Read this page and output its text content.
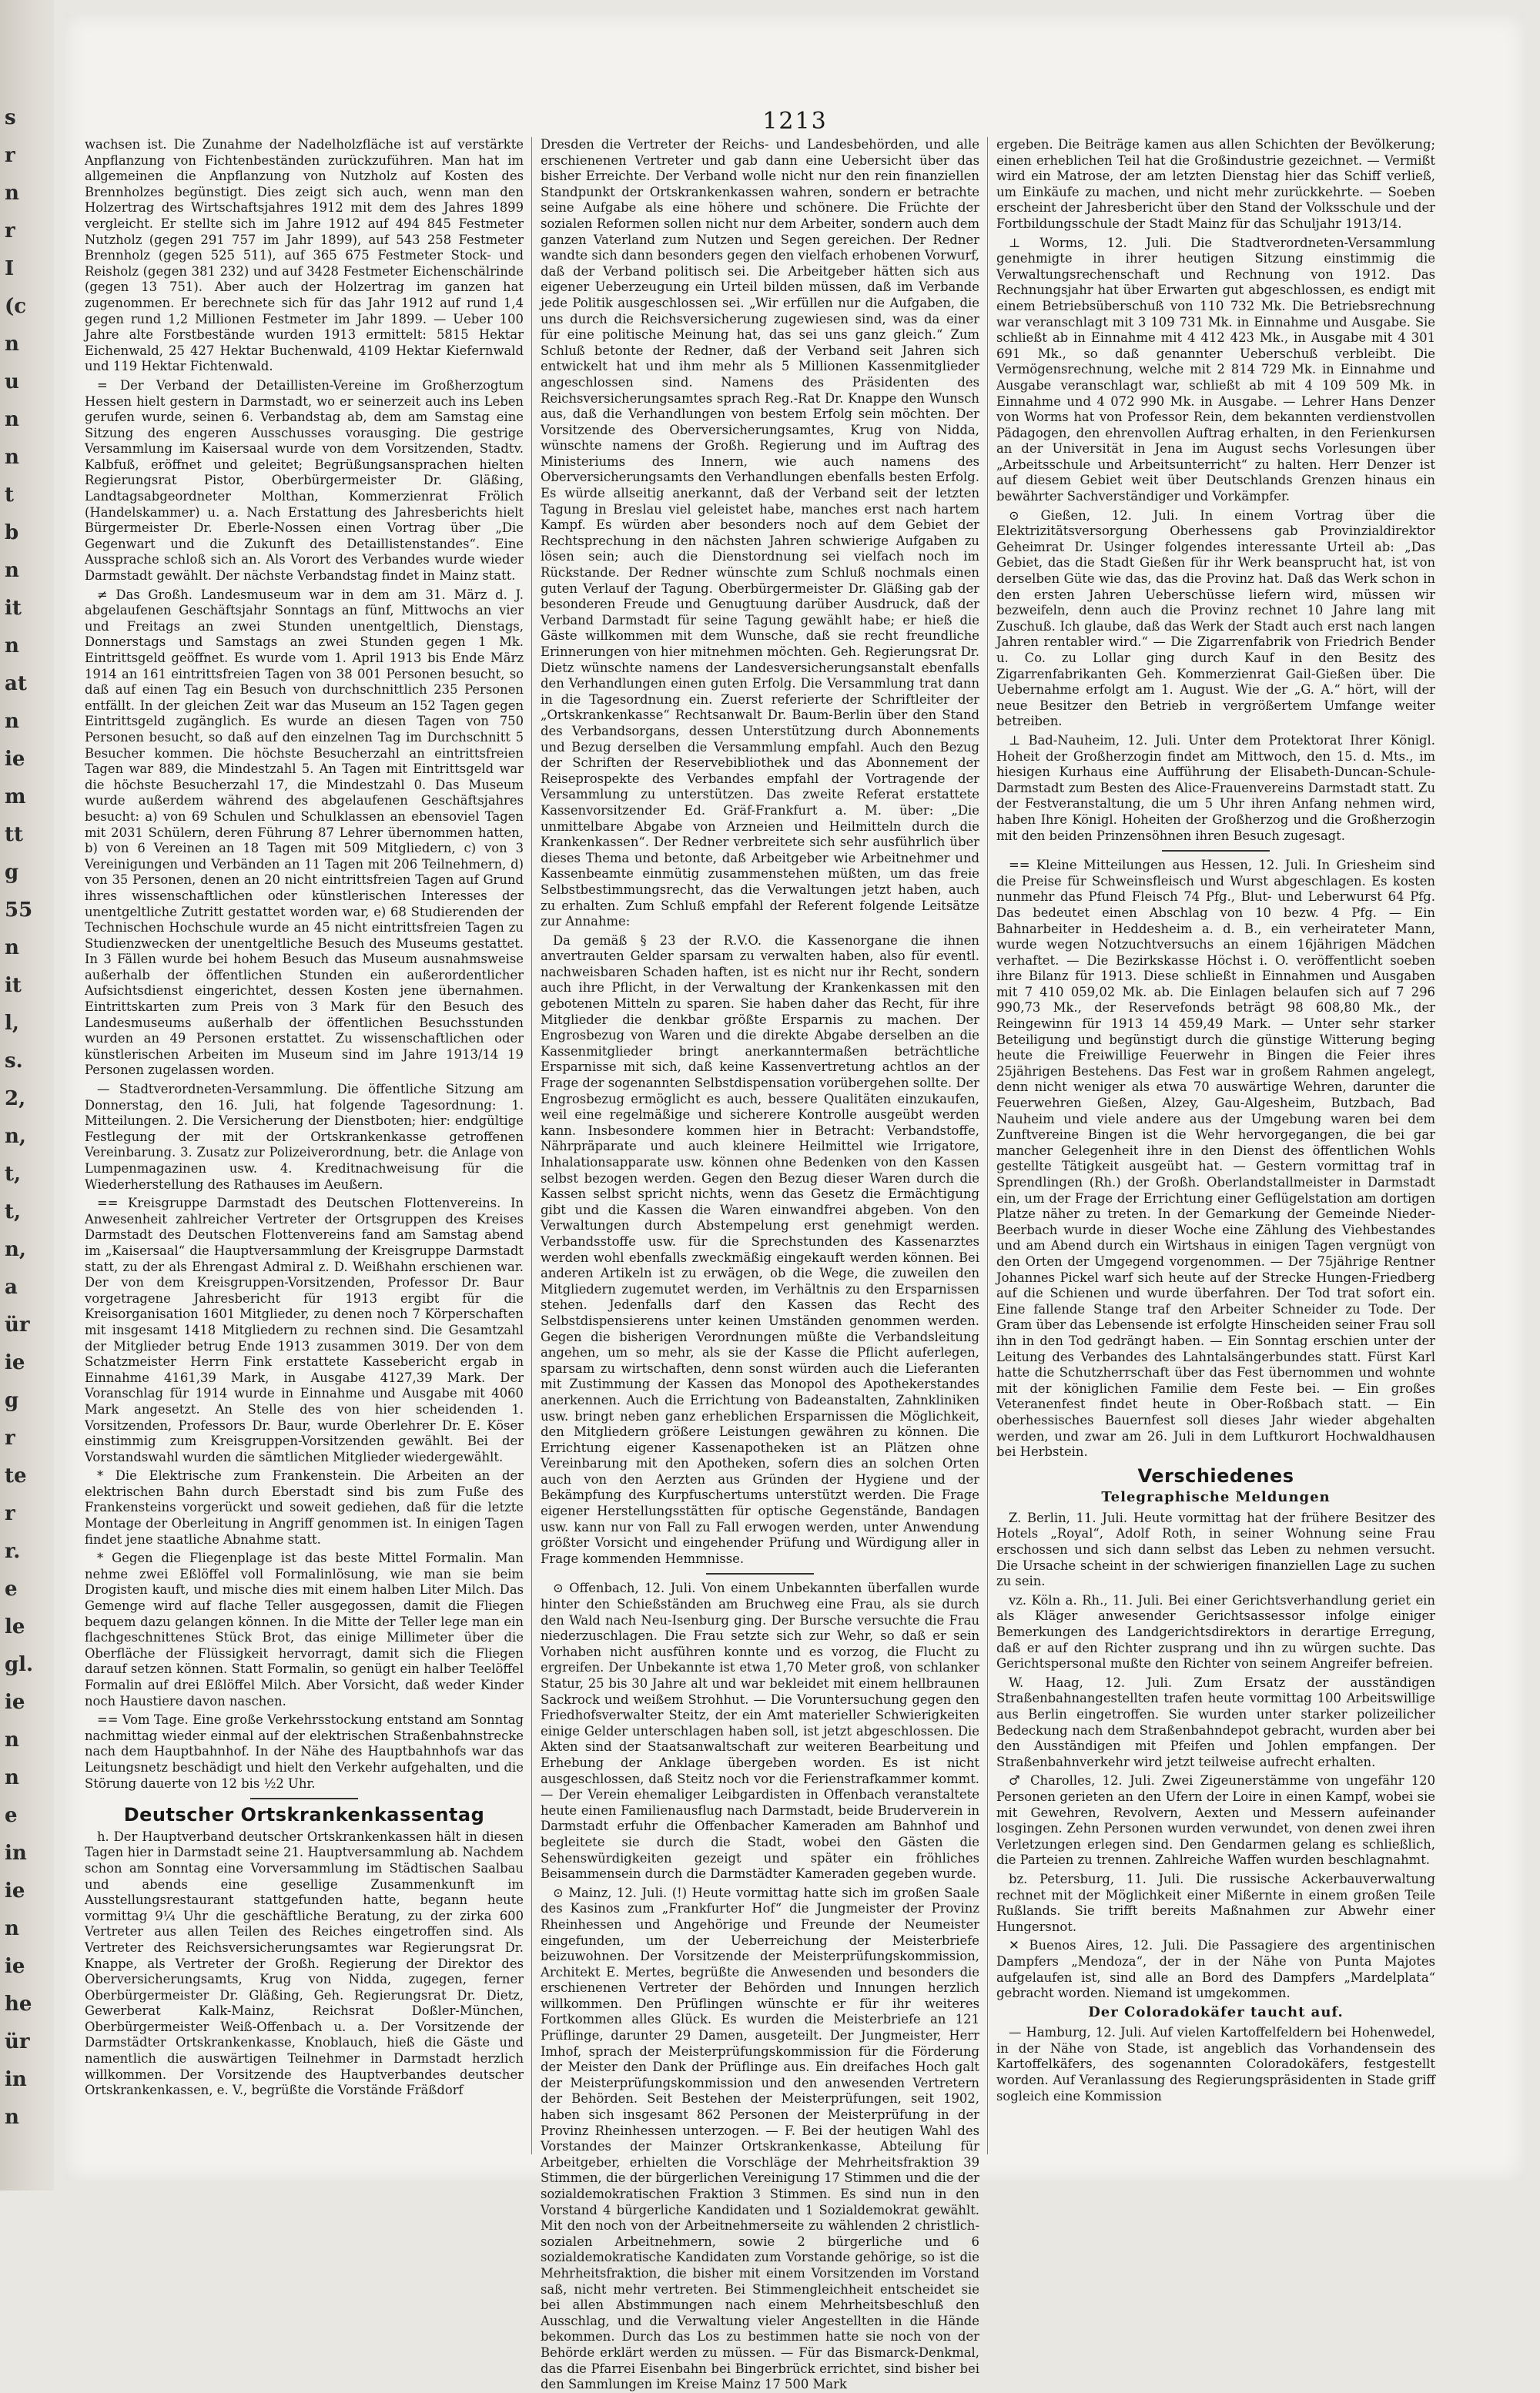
s
r
n
r
I
(c
n
u
n
n
t
b
n
it
n
at
n
ie
m
tt
g
55
n
it
l,
s.
2,
n,
t,
t,
n,
a
ür
ie
g
r
te
r
r.
e
le
gl.
ie
n
n
e
in
ie
n
ie
he
ür
in
n
1213

wachsen ist. Die Zunahme der Nadelholzfläche ist auf verstärkte Anpflanzung von Fichtenbeständen zurückzuführen. Man hat im allgemeinen die Anpflanzung von Nutzholz auf Kosten des Brennholzes begünstigt. Dies zeigt sich auch, wenn man den Holzertrag des Wirtschaftsjahres 1912 mit dem des Jahres 1899 vergleicht. Er stellte sich im Jahre 1912 auf 494 845 Festmeter Nutzholz (gegen 291 757 im Jahr 1899), auf 543 258 Festmeter Brennholz (gegen 525 511), auf 365 675 Festmeter Stock- und Reisholz (gegen 381 232) und auf 3428 Festmeter Eichenschälrinde (gegen 13 751). Aber auch der Holzertrag im ganzen hat zugenommen. Er berechnete sich für das Jahr 1912 auf rund 1,4 gegen rund 1,2 Millionen Festmeter im Jahr 1899. — Ueber 100 Jahre alte Forstbestände wurden 1913 ermittelt: 5815 Hektar Eichenwald, 25 427 Hektar Buchenwald, 4109 Hektar Kiefernwald und 119 Hektar Fichtenwald.

= Der Verband der Detaillisten-Vereine im Großherzogtum Hessen hielt gestern in Darmstadt, wo er seinerzeit auch ins Leben gerufen wurde, seinen 6. Verbandstag ab, dem am Samstag eine Sitzung des engeren Ausschusses vorausging. Die gestrige Versammlung im Kaisersaal wurde von dem Vorsitzenden, Stadtv. Kalbfuß, eröffnet und geleitet; Begrüßungsansprachen hielten Regierungsrat Pistor, Oberbürgermeister Dr. Gläßing, Landtagsabgeordneter Molthan, Kommerzienrat Frölich (Handelskammer) u. a. Nach Erstattung des Jahresberichts hielt Bürgermeister Dr. Eberle-Nossen einen Vortrag über „Die Gegenwart und die Zukunft des Detaillistenstandes“. Eine Aussprache schloß sich an. Als Vorort des Verbandes wurde wieder Darmstadt gewählt. Der nächste Verbandstag findet in Mainz statt.

≠ Das Großh. Landesmuseum war in dem am 31. März d. J. abgelaufenen Geschäftsjahr Sonntags an fünf, Mittwochs an vier und Freitags an zwei Stunden unentgeltlich, Dienstags, Donnerstags und Samstags an zwei Stunden gegen 1 Mk. Eintrittsgeld geöffnet. Es wurde vom 1. April 1913 bis Ende März 1914 an 161 eintrittsfreien Tagen von 38 001 Personen besucht, so daß auf einen Tag ein Besuch von durchschnittlich 235 Personen entfällt. In der gleichen Zeit war das Museum an 152 Tagen gegen Eintrittsgeld zugänglich. Es wurde an diesen Tagen von 750 Personen besucht, so daß auf den einzelnen Tag im Durchschnitt 5 Besucher kommen. Die höchste Besucherzahl an eintrittsfreien Tagen war 889, die Mindestzahl 5. An Tagen mit Eintrittsgeld war die höchste Besucherzahl 17, die Mindestzahl 0. Das Museum wurde außerdem während des abgelaufenen Geschäftsjahres besucht: a) von 69 Schulen und Schulklassen an ebensoviel Tagen mit 2031 Schülern, deren Führung 87 Lehrer übernommen hatten, b) von 6 Vereinen an 18 Tagen mit 509 Mitgliedern, c) von 3 Vereinigungen und Verbänden an 11 Tagen mit 206 Teilnehmern, d) von 35 Personen, denen an 20 nicht eintrittsfreien Tagen auf Grund ihres wissenschaftlichen oder künstlerischen Interesses der unentgeltliche Zutritt gestattet worden war, e) 68 Studierenden der Technischen Hochschule wurde an 45 nicht eintrittsfreien Tagen zu Studienzwecken der unentgeltliche Besuch des Museums gestattet. In 3 Fällen wurde bei hohem Besuch das Museum ausnahmsweise außerhalb der öffentlichen Stunden ein außerordentlicher Aufsichtsdienst eingerichtet, dessen Kosten jene übernahmen. Eintrittskarten zum Preis von 3 Mark für den Besuch des Landesmuseums außerhalb der öffentlichen Besuchsstunden wurden an 49 Personen erstattet. Zu wissenschaftlichen oder künstlerischen Arbeiten im Museum sind im Jahre 1913/14 19 Personen zugelassen worden.

— Stadtverordneten-Versammlung. Die öffentliche Sitzung am Donnerstag, den 16. Juli, hat folgende Tagesordnung: 1. Mitteilungen. 2. Die Versicherung der Dienstboten; hier: endgültige Festlegung der mit der Ortskrankenkasse getroffenen Vereinbarung. 3. Zusatz zur Polizeiverordnung, betr. die Anlage von Lumpenmagazinen usw. 4. Kreditnachweisung für die Wiederherstellung des Rathauses im Aeußern.

== Kreisgruppe Darmstadt des Deutschen Flottenvereins. In Anwesenheit zahlreicher Vertreter der Ortsgruppen des Kreises Darmstadt des Deutschen Flottenvereins fand am Samstag abend im „Kaisersaal“ die Hauptversammlung der Kreisgruppe Darmstadt statt, zu der als Ehrengast Admiral z. D. Weißhahn erschienen war. Der von dem Kreisgruppen-Vorsitzenden, Professor Dr. Baur vorgetragene Jahresbericht für 1913 ergibt für die Kreisorganisation 1601 Mitglieder, zu denen noch 7 Körperschaften mit insgesamt 1418 Mitgliedern zu rechnen sind. Die Gesamtzahl der Mitglieder betrug Ende 1913 zusammen 3019. Der von dem Schatzmeister Herrn Fink erstattete Kassebericht ergab in Einnahme 4161,39 Mark, in Ausgabe 4127,39 Mark. Der Voranschlag für 1914 wurde in Einnahme und Ausgabe mit 4060 Mark angesetzt. An Stelle des von hier scheidenden 1. Vorsitzenden, Professors Dr. Baur, wurde Oberlehrer Dr. E. Köser einstimmig zum Kreisgruppen-Vorsitzenden gewählt. Bei der Vorstandswahl wurden die sämtlichen Mitglieder wiedergewählt.

* Die Elektrische zum Frankenstein. Die Arbeiten an der elektrischen Bahn durch Eberstadt sind bis zum Fuße des Frankensteins vorgerückt und soweit gediehen, daß für die letzte Montage der Oberleitung in Angriff genommen ist. In einigen Tagen findet jene staatliche Abnahme statt.

* Gegen die Fliegenplage ist das beste Mittel Formalin. Man nehme zwei Eßlöffel voll Formalinlösung, wie man sie beim Drogisten kauft, und mische dies mit einem halben Liter Milch. Das Gemenge wird auf flache Teller ausgegossen, damit die Fliegen bequem dazu gelangen können. In die Mitte der Teller lege man ein flachgeschnittenes Stück Brot, das einige Millimeter über die Oberfläche der Flüssigkeit hervorragt, damit sich die Fliegen darauf setzen können. Statt Formalin, so genügt ein halber Teelöffel Formalin auf drei Eßlöffel Milch. Aber Vorsicht, daß weder Kinder noch Haustiere davon naschen.

== Vom Tage. Eine große Verkehrsstockung entstand am Sonntag nachmittag wieder einmal auf der elektrischen Straßenbahnstrecke nach dem Hauptbahnhof. In der Nähe des Hauptbahnhofs war das Leitungsnetz beschädigt und hielt den Verkehr aufgehalten, und die Störung dauerte von 12 bis ½2 Uhr.

Deutscher Ortskrankenkassentag

h. Der Hauptverband deutscher Ortskrankenkassen hält in diesen Tagen hier in Darmstadt seine 21. Hauptversammlung ab. Nachdem schon am Sonntag eine Vorversammlung im Städtischen Saalbau und abends eine gesellige Zusammenkunft im Ausstellungsrestaurant stattgefunden hatte, begann heute vormittag 9¼ Uhr die geschäftliche Beratung, zu der zirka 600 Vertreter aus allen Teilen des Reiches eingetroffen sind. Als Vertreter des Reichsversicherungsamtes war Regierungsrat Dr. Knappe, als Vertreter der Großh. Regierung der Direktor des Oberversicherungsamts, Krug von Nidda, zugegen, ferner Oberbürgermeister Dr. Gläßing, Geh. Regierungsrat Dr. Dietz, Gewerberat Kalk-Mainz, Reichsrat Doßler-München, Oberbürgermeister Weiß-Offenbach u. a. Der Vorsitzende der Darmstädter Ortskrankenkasse, Knoblauch, hieß die Gäste und namentlich die auswärtigen Teilnehmer in Darmstadt herzlich willkommen. Der Vorsitzende des Hauptverbandes deutscher Ortskrankenkassen, e. V., begrüßte die Vorstände Fräßdorf

Dresden die Vertreter der Reichs- und Landesbehörden, und alle erschienenen Vertreter und gab dann eine Uebersicht über das bisher Erreichte. Der Verband wolle nicht nur den rein finanziellen Standpunkt der Ortskrankenkassen wahren, sondern er betrachte seine Aufgabe als eine höhere und schönere. Die Früchte der sozialen Reformen sollen nicht nur dem Arbeiter, sondern auch dem ganzen Vaterland zum Nutzen und Segen gereichen. Der Redner wandte sich dann besonders gegen den vielfach erhobenen Vorwurf, daß der Verband politisch sei. Die Arbeitgeber hätten sich aus eigener Ueberzeugung ein Urteil bilden müssen, daß im Verbande jede Politik ausgeschlossen sei. „Wir erfüllen nur die Aufgaben, die uns durch die Reichsversicherung zugewiesen sind, was da einer für eine politische Meinung hat, das sei uns ganz gleich.“ Zum Schluß betonte der Redner, daß der Verband seit Jahren sich entwickelt hat und ihm mehr als 5 Millionen Kassenmitglieder angeschlossen sind. Namens des Präsidenten des Reichsversicherungsamtes sprach Reg.-Rat Dr. Knappe den Wunsch aus, daß die Verhandlungen von bestem Erfolg sein möchten. Der Vorsitzende des Oberversicherungsamtes, Krug von Nidda, wünschte namens der Großh. Regierung und im Auftrag des Ministeriums des Innern, wie auch namens des Oberversicherungsamts den Verhandlungen ebenfalls besten Erfolg. Es würde allseitig anerkannt, daß der Verband seit der letzten Tagung in Breslau viel geleistet habe, manches erst nach hartem Kampf. Es würden aber besonders noch auf dem Gebiet der Rechtsprechung in den nächsten Jahren schwierige Aufgaben zu lösen sein; auch die Dienstordnung sei vielfach noch im Rückstande. Der Redner wünschte zum Schluß nochmals einen guten Verlauf der Tagung. Oberbürgermeister Dr. Gläßing gab der besonderen Freude und Genugtuung darüber Ausdruck, daß der Verband Darmstadt für seine Tagung gewählt habe; er hieß die Gäste willkommen mit dem Wunsche, daß sie recht freundliche Erinnerungen von hier mitnehmen möchten. Geh. Regierungsrat Dr. Dietz wünschte namens der Landesversicherungsanstalt ebenfalls den Verhandlungen einen guten Erfolg. Die Versammlung trat dann in die Tagesordnung ein. Zuerst referierte der Schriftleiter der „Ortskrankenkasse“ Rechtsanwalt Dr. Baum-Berlin über den Stand des Verbandsorgans, dessen Unterstützung durch Abonnements und Bezug derselben die Versammlung empfahl. Auch den Bezug der Schriften der Reservebibliothek und das Abonnement der Reiseprospekte des Verbandes empfahl der Vortragende der Versammlung zu unterstützen. Das zweite Referat erstattete Kassenvorsitzender Ed. Gräf-Frankfurt a. M. über: „Die unmittelbare Abgabe von Arzneien und Heilmitteln durch die Krankenkassen“. Der Redner verbreitete sich sehr ausführlich über dieses Thema und betonte, daß Arbeitgeber wie Arbeitnehmer und Kassenbeamte einmütig zusammenstehen müßten, um das freie Selbstbestimmungsrecht, das die Verwaltungen jetzt haben, auch zu erhalten. Zum Schluß empfahl der Referent folgende Leitsätze zur Annahme:

Da gemäß § 23 der R.V.O. die Kassenorgane die ihnen anvertrauten Gelder sparsam zu verwalten haben, also für eventl. nachweisbaren Schaden haften, ist es nicht nur ihr Recht, sondern auch ihre Pflicht, in der Verwaltung der Krankenkassen mit den gebotenen Mitteln zu sparen. Sie haben daher das Recht, für ihre Mitglieder die denkbar größte Ersparnis zu machen. Der Engrosbezug von Waren und die direkte Abgabe derselben an die Kassenmitglieder bringt anerkanntermaßen beträchtliche Ersparnisse mit sich, daß keine Kassenvertretung achtlos an der Frage der sogenannten Selbstdispensation vorübergehen sollte. Der Engrosbezug ermöglicht es auch, bessere Qualitäten einzukaufen, weil eine regelmäßige und sicherere Kontrolle ausgeübt werden kann. Insbesondere kommen hier in Betracht: Verbandstoffe, Nährpräparate und auch kleinere Heilmittel wie Irrigatore, Inhalationsapparate usw. können ohne Bedenken von den Kassen selbst bezogen werden. Gegen den Bezug dieser Waren durch die Kassen selbst spricht nichts, wenn das Gesetz die Ermächtigung gibt und die Kassen die Waren einwandfrei abgeben. Von den Verwaltungen durch Abstempelung erst genehmigt werden. Verbandsstoffe usw. für die Sprechstunden des Kassenarztes werden wohl ebenfalls zweckmäßig eingekauft werden können. Bei anderen Artikeln ist zu erwägen, ob die Wege, die zuweilen den Mitgliedern zugemutet werden, im Verhältnis zu den Ersparnissen stehen. Jedenfalls darf den Kassen das Recht des Selbstdispensierens unter keinen Umständen genommen werden. Gegen die bisherigen Verordnungen müßte die Verbandsleitung angehen, um so mehr, als sie der Kasse die Pflicht auferlegen, sparsam zu wirtschaften, denn sonst würden auch die Lieferanten mit Zustimmung der Kassen das Monopol des Apothekerstandes anerkennen. Auch die Errichtung von Badeanstalten, Zahnkliniken usw. bringt neben ganz erheblichen Ersparnissen die Möglichkeit, den Mitgliedern größere Leistungen gewähren zu können. Die Errichtung eigener Kassenapotheken ist an Plätzen ohne Vereinbarung mit den Apotheken, sofern dies an solchen Orten auch von den Aerzten aus Gründen der Hygiene und der Bekämpfung des Kurpfuschertums unterstützt werden. Die Frage eigener Herstellungsstätten für optische Gegenstände, Bandagen usw. kann nur von Fall zu Fall erwogen werden, unter Anwendung größter Vorsicht und eingehender Prüfung und Würdigung aller in Frage kommenden Hemmnisse.

⊙ Offenbach, 12. Juli. Von einem Unbekannten überfallen wurde hinter den Schießständen am Bruchweg eine Frau, als sie durch den Wald nach Neu-Isenburg ging. Der Bursche versuchte die Frau niederzuschlagen. Die Frau setzte sich zur Wehr, so daß er sein Vorhaben nicht ausführen konnte und es vorzog, die Flucht zu ergreifen. Der Unbekannte ist etwa 1,70 Meter groß, von schlanker Statur, 25 bis 30 Jahre alt und war bekleidet mit einem hellbraunen Sackrock und weißem Strohhut. — Die Voruntersuchung gegen den Friedhofsverwalter Steitz, der ein Amt materieller Schwierigkeiten einige Gelder unterschlagen haben soll, ist jetzt abgeschlossen. Die Akten sind der Staatsanwaltschaft zur weiteren Bearbeitung und Erhebung der Anklage übergeben worden. Es ist nicht ausgeschlossen, daß Steitz noch vor die Ferienstrafkammer kommt. — Der Verein ehemaliger Leibgardisten in Offenbach veranstaltete heute einen Familienausflug nach Darmstadt, beide Bruderverein in Darmstadt erfuhr die Offenbacher Kameraden am Bahnhof und begleitete sie durch die Stadt, wobei den Gästen die Sehenswürdigkeiten gezeigt und später ein fröhliches Beisammensein durch die Darmstädter Kameraden gegeben wurde.

⊙ Mainz, 12. Juli. (!) Heute vormittag hatte sich im großen Saale des Kasinos zum „Frankfurter Hof“ die Jungmeister der Provinz Rheinhessen und Angehörige und Freunde der Neumeister eingefunden, um der Ueberreichung der Meisterbriefe beizuwohnen. Der Vorsitzende der Meisterprüfungskommission, Architekt E. Mertes, begrüßte die Anwesenden und besonders die erschienenen Vertreter der Behörden und Innungen herzlich willkommen. Den Prüflingen wünschte er für ihr weiteres Fortkommen alles Glück. Es wurden die Meisterbriefe an 121 Prüflinge, darunter 29 Damen, ausgeteilt. Der Jungmeister, Herr Imhof, sprach der Meisterprüfungskommission für die Förderung der Meister den Dank der Prüflinge aus. Ein dreifaches Hoch galt der Meisterprüfungskommission und den anwesenden Vertretern der Behörden. Seit Bestehen der Meisterprüfungen, seit 1902, haben sich insgesamt 862 Personen der Meisterprüfung in der Provinz Rheinhessen unterzogen. — F. Bei der heutigen Wahl des Vorstandes der Mainzer Ortskrankenkasse, Abteilung für Arbeitgeber, erhielten die Vorschläge der Mehrheitsfraktion 39 Stimmen, die der bürgerlichen Vereinigung 17 Stimmen und die der sozialdemokratischen Fraktion 3 Stimmen. Es sind nun in den Vorstand 4 bürgerliche Kandidaten und 1 Sozialdemokrat gewählt. Mit den noch von der Arbeitnehmerseite zu wählenden 2 christlich-sozialen Arbeitnehmern, sowie 2 bürgerliche und 6 sozialdemokratische Kandidaten zum Vorstande gehörige, so ist die Mehrheitsfraktion, die bisher mit einem Vorsitzenden im Vorstand saß, nicht mehr vertreten. Bei Stimmengleichheit entscheidet sie bei allen Abstimmungen nach einem Mehrheitsbeschluß den Ausschlag, und die Verwaltung vieler Angestellten in die Hände bekommen. Durch das Los zu bestimmen hatte sie noch von der Behörde erklärt werden zu müssen. — Für das Bismarck-Denkmal, das die Pfarrei Eisenbahn bei Bingerbrück errichtet, sind bisher bei den Sammlungen im Kreise Mainz 17 500 Mark

ergeben. Die Beiträge kamen aus allen Schichten der Bevölkerung; einen erheblichen Teil hat die Großindustrie gezeichnet. — Vermißt wird ein Matrose, der am letzten Dienstag hier das Schiff verließ, um Einkäufe zu machen, und nicht mehr zurückkehrte. — Soeben erscheint der Jahresbericht über den Stand der Volksschule und der Fortbildungsschule der Stadt Mainz für das Schuljahr 1913/14.

⊥ Worms, 12. Juli. Die Stadtverordneten-Versammlung genehmigte in ihrer heutigen Sitzung einstimmig die Verwaltungsrechenschaft und Rechnung von 1912. Das Rechnungsjahr hat über Erwarten gut abgeschlossen, es endigt mit einem Betriebsüberschuß von 110 732 Mk. Die Betriebsrechnung war veranschlagt mit 3 109 731 Mk. in Einnahme und Ausgabe. Sie schließt ab in Einnahme mit 4 412 423 Mk., in Ausgabe mit 4 301 691 Mk., so daß genannter Ueberschuß verbleibt. Die Vermögensrechnung, welche mit 2 814 729 Mk. in Einnahme und Ausgabe veranschlagt war, schließt ab mit 4 109 509 Mk. in Einnahme und 4 072 990 Mk. in Ausgabe. — Lehrer Hans Denzer von Worms hat von Professor Rein, dem bekannten verdienstvollen Pädagogen, den ehrenvollen Auftrag erhalten, in den Ferienkursen an der Universität in Jena im August sechs Vorlesungen über „Arbeitsschule und Arbeitsunterricht“ zu halten. Herr Denzer ist auf diesem Gebiet weit über Deutschlands Grenzen hinaus ein bewährter Sachverständiger und Vorkämpfer.

⊙ Gießen, 12. Juli. In einem Vortrag über die Elektrizitätsversorgung Oberhessens gab Provinzialdirektor Geheimrat Dr. Usinger folgendes interessante Urteil ab: „Das Gebiet, das die Stadt Gießen für ihr Werk beansprucht hat, ist von derselben Güte wie das, das die Provinz hat. Daß das Werk schon in den ersten Jahren Ueberschüsse liefern wird, müssen wir bezweifeln, denn auch die Provinz rechnet 10 Jahre lang mit Zuschuß. Ich glaube, daß das Werk der Stadt auch erst nach langen Jahren rentabler wird.“ — Die Zigarrenfabrik von Friedrich Bender u. Co. zu Lollar ging durch Kauf in den Besitz des Zigarrenfabrikanten Geh. Kommerzienrat Gail-Gießen über. Die Uebernahme erfolgt am 1. August. Wie der „G. A.“ hört, will der neue Besitzer den Betrieb in vergrößertem Umfange weiter betreiben.

⊥ Bad-Nauheim, 12. Juli. Unter dem Protektorat Ihrer Königl. Hoheit der Großherzogin findet am Mittwoch, den 15. d. Mts., im hiesigen Kurhaus eine Aufführung der Elisabeth-Duncan-Schule-Darmstadt zum Besten des Alice-Frauenvereins Darmstadt statt. Zu der Festveranstaltung, die um 5 Uhr ihren Anfang nehmen wird, haben Ihre Königl. Hoheiten der Großherzog und die Großherzogin mit den beiden Prinzensöhnen ihren Besuch zugesagt.

== Kleine Mitteilungen aus Hessen, 12. Juli. In Griesheim sind die Preise für Schweinsfleisch und Wurst abgeschlagen. Es kosten nunmehr das Pfund Fleisch 74 Pfg., Blut- und Leberwurst 64 Pfg. Das bedeutet einen Abschlag von 10 bezw. 4 Pfg. — Ein Bahnarbeiter in Heddesheim a. d. B., ein verheirateter Mann, wurde wegen Notzuchtversuchs an einem 16jährigen Mädchen verhaftet. — Die Bezirkskasse Höchst i. O. veröffentlicht soeben ihre Bilanz für 1913. Diese schließt in Einnahmen und Ausgaben mit 7 410 059,02 Mk. ab. Die Einlagen belaufen sich auf 7 296 990,73 Mk., der Reservefonds beträgt 98 608,80 Mk., der Reingewinn für 1913 14 459,49 Mark. — Unter sehr starker Beteiligung und begünstigt durch die günstige Witterung beging heute die Freiwillige Feuerwehr in Bingen die Feier ihres 25jährigen Bestehens. Das Fest war in großem Rahmen angelegt, denn nicht weniger als etwa 70 auswärtige Wehren, darunter die Feuerwehren Gießen, Alzey, Gau-Algesheim, Butzbach, Bad Nauheim und viele andere aus der Umgebung waren bei dem Zunftvereine Bingen ist die Wehr hervorgegangen, die bei gar mancher Gelegenheit ihre in den Dienst des öffentlichen Wohls gestellte Tätigkeit ausgeübt hat. — Gestern vormittag traf in Sprendlingen (Rh.) der Großh. Oberlandstallmeister in Darmstadt ein, um der Frage der Errichtung einer Geflügelstation am dortigen Platze näher zu treten. In der Gemarkung der Gemeinde Nieder-Beerbach wurde in dieser Woche eine Zählung des Viehbestandes und am Abend durch ein Wirtshaus in einigen Tagen vergnügt von den Orten der Umgegend vorgenommen. — Der 75jährige Rentner Johannes Pickel warf sich heute auf der Strecke Hungen-Friedberg auf die Schienen und wurde überfahren. Der Tod trat sofort ein. Eine fallende Stange traf den Arbeiter Schneider zu Tode. Der Gram über das Lebensende ist erfolgte Hinscheiden seiner Frau soll ihn in den Tod gedrängt haben. — Ein Sonntag erschien unter der Leitung des Verbandes des Lahntalsängerbundes statt. Fürst Karl hatte die Schutzherrschaft über das Fest übernommen und wohnte mit der königlichen Familie dem Feste bei. — Ein großes Veteranenfest findet heute in Ober-Roßbach statt. — Ein oberhessisches Bauernfest soll dieses Jahr wieder abgehalten werden, und zwar am 26. Juli in dem Luftkurort Hochwaldhausen bei Herbstein.

Verschiedenes
Telegraphische Meldungen

Z. Berlin, 11. Juli. Heute vormittag hat der frühere Besitzer des Hotels „Royal“, Adolf Roth, in seiner Wohnung seine Frau erschossen und sich dann selbst das Leben zu nehmen versucht. Die Ursache scheint in der schwierigen finanziellen Lage zu suchen zu sein.

vz. Köln a. Rh., 11. Juli. Bei einer Gerichtsverhandlung geriet ein als Kläger anwesender Gerichtsassessor infolge einiger Bemerkungen des Landgerichtsdirektors in derartige Erregung, daß er auf den Richter zusprang und ihn zu würgen suchte. Das Gerichtspersonal mußte den Richter von seinem Angreifer befreien.

W. Haag, 12. Juli. Zum Ersatz der ausständigen Straßenbahnangestellten trafen heute vormittag 100 Arbeitswillige aus Berlin eingetroffen. Sie wurden unter starker polizeilicher Bedeckung nach dem Straßenbahndepot gebracht, wurden aber bei den Ausständigen mit Pfeifen und Johlen empfangen. Der Straßenbahnverkehr wird jetzt teilweise aufrecht erhalten.

♂ Charolles, 12. Juli. Zwei Zigeunerstämme von ungefähr 120 Personen gerieten an den Ufern der Loire in einen Kampf, wobei sie mit Gewehren, Revolvern, Aexten und Messern aufeinander losgingen. Zehn Personen wurden verwundet, von denen zwei ihren Verletzungen erlegen sind. Den Gendarmen gelang es schließlich, die Parteien zu trennen. Zahlreiche Waffen wurden beschlagnahmt.

bz. Petersburg, 11. Juli. Die russische Ackerbauverwaltung rechnet mit der Möglichkeit einer Mißernte in einem großen Teile Rußlands. Sie trifft bereits Maßnahmen zur Abwehr einer Hungersnot.

✕ Buenos Aires, 12. Juli. Die Passagiere des argentinischen Dampfers „Mendoza“, der in der Nähe von Punta Majotes aufgelaufen ist, sind alle an Bord des Dampfers „Mardelplata“ gebracht worden. Niemand ist umgekommen.

Der Coloradokäfer taucht auf.

— Hamburg, 12. Juli. Auf vielen Kartoffelfeldern bei Hohenwedel, in der Nähe von Stade, ist angeblich das Vorhandensein des Kartoffelkäfers, des sogenannten Coloradokäfers, festgestellt worden. Auf Veranlassung des Regierungspräsidenten in Stade griff sogleich eine Kommission
